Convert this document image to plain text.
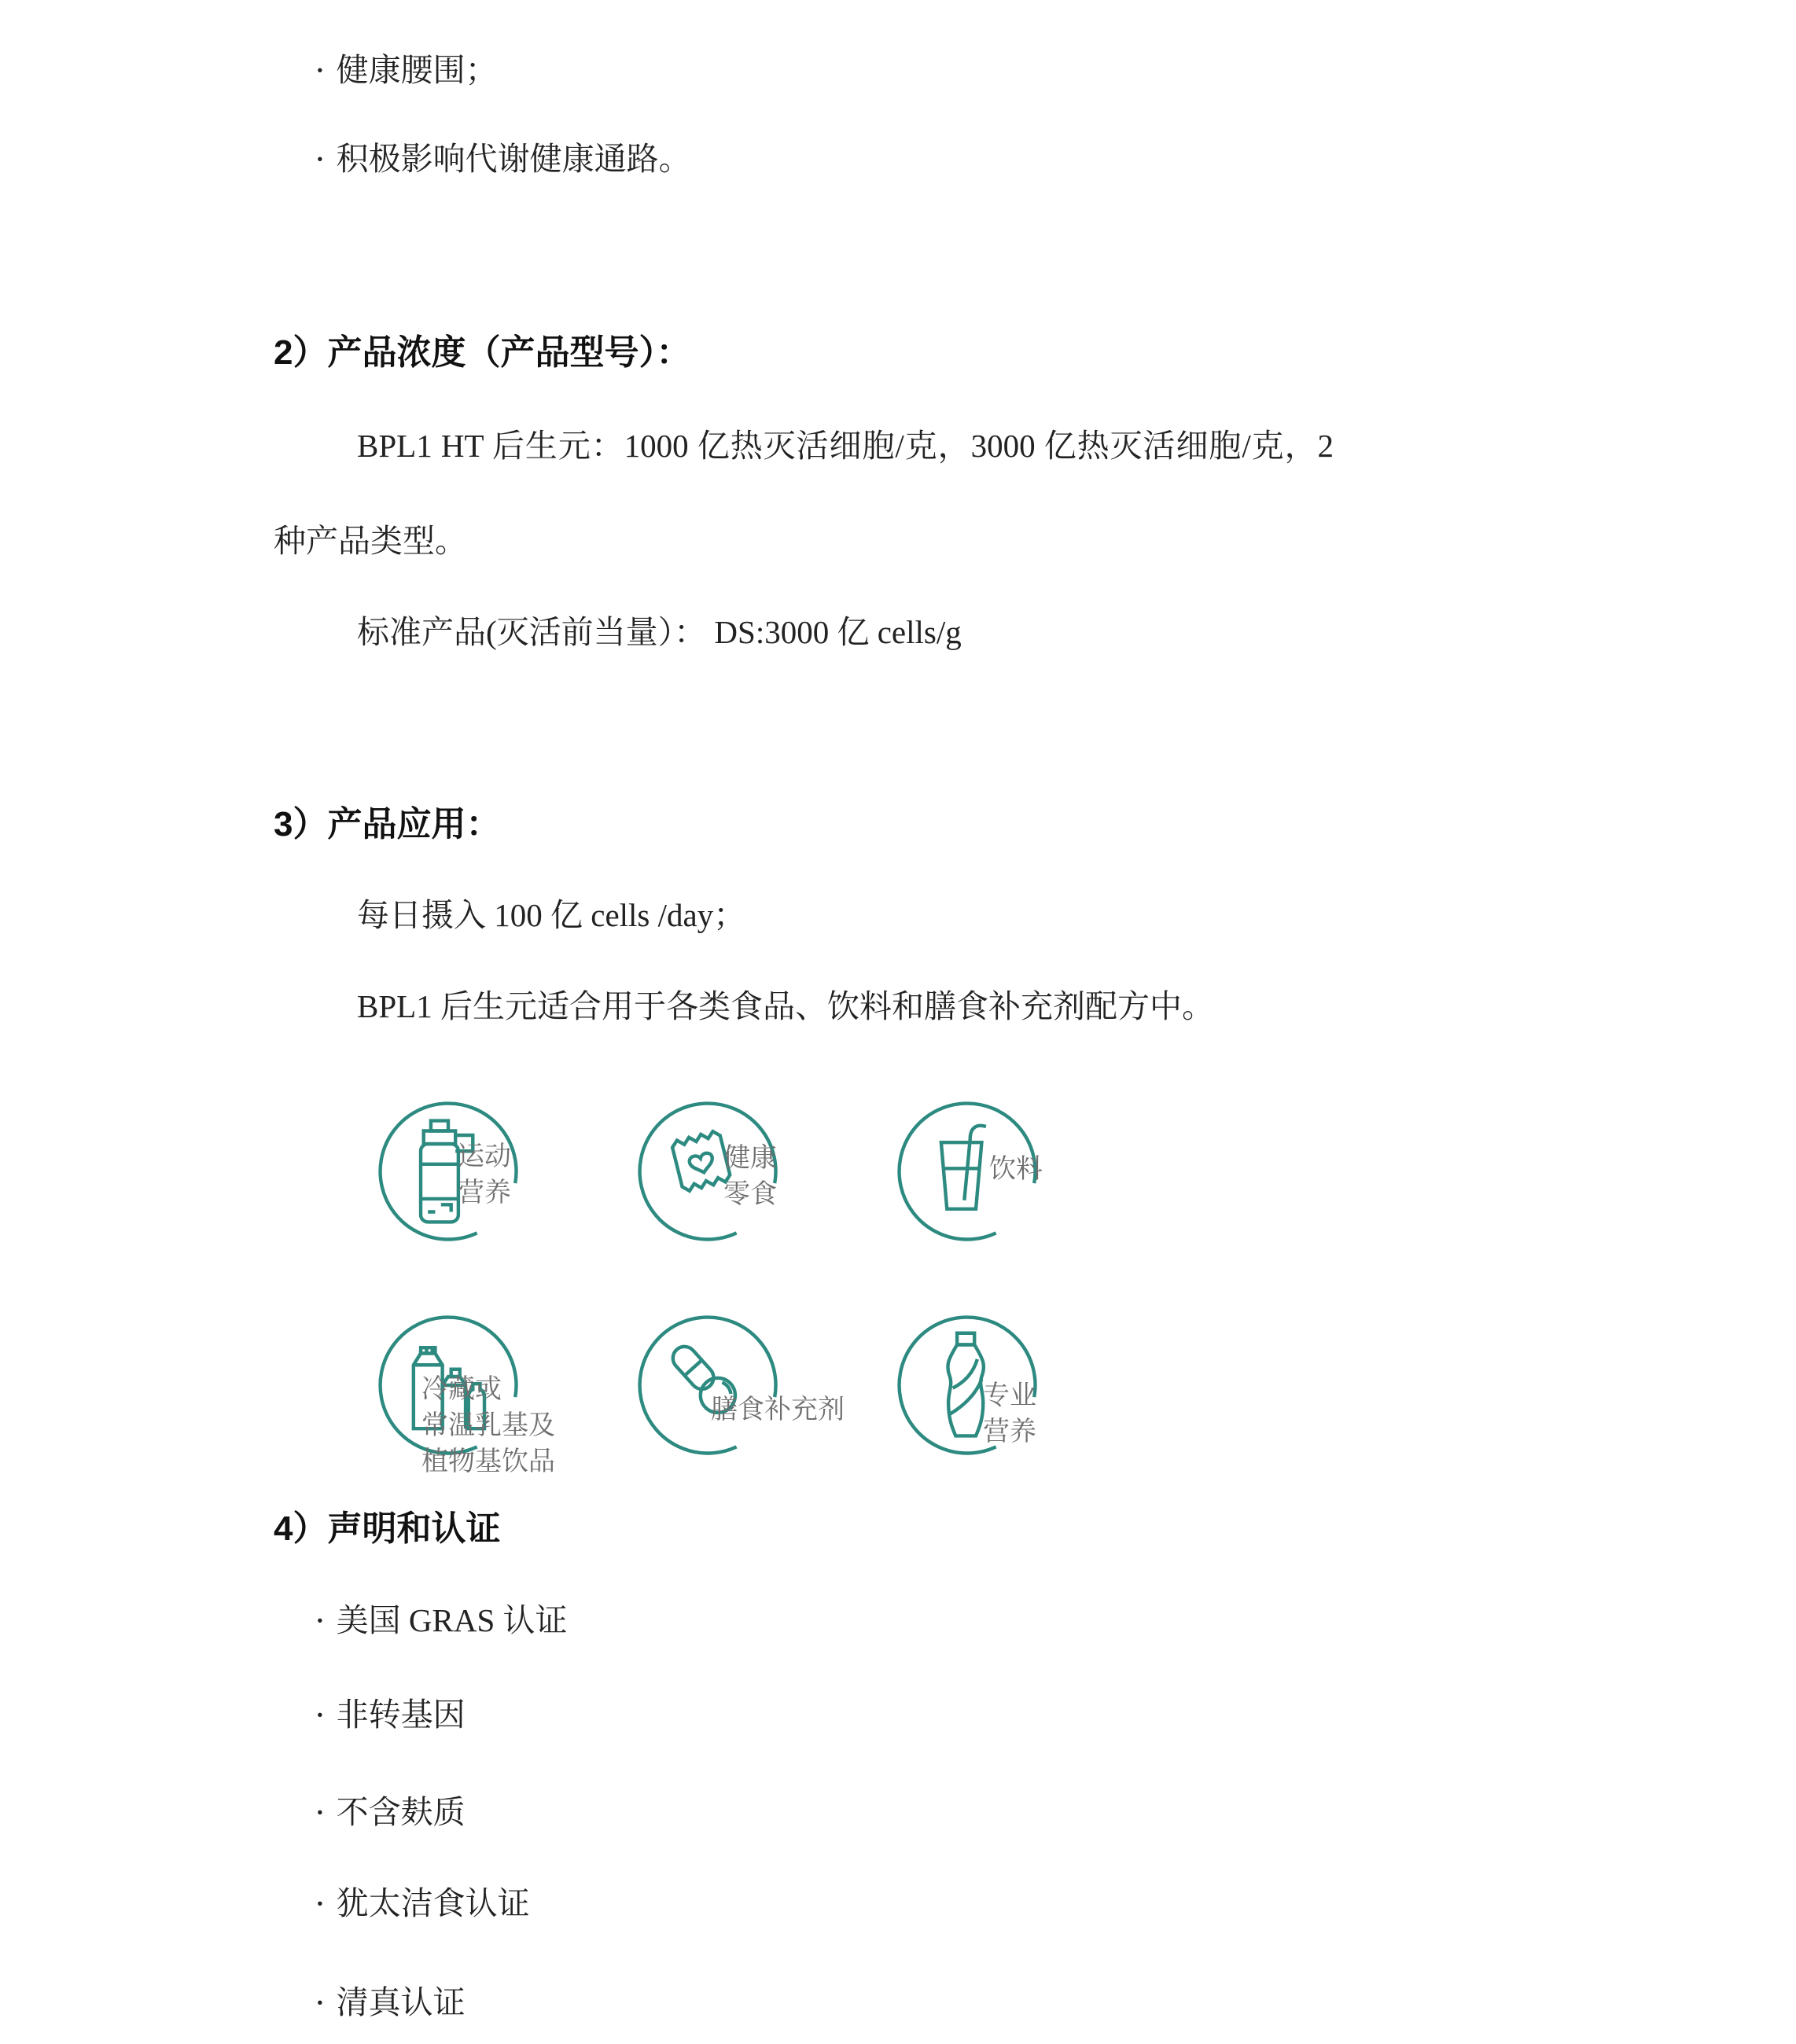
· 健康腰围；
· 积极影响代谢健康通路。
2）产品浓度（产品型号）：
BPL1 HT 后生元：1000 亿热灭活细胞/克，3000 亿热灭活细胞/克，2 种产品类型。
标准产品(灭活前当量）： DS:3000 亿 cells/g
3）产品应用：
每日摄入 100 亿 cells /day；
BPL1 后生元适合用于各类食品、饮料和膳食补充剂配方中。
运动
营养
健康
零食
饮料
冷藏或
常温乳基及
植物基饮品
膳食补充剂	专业
营养
4）声明和认证
· 美国 GRAS 认证
· 非转基因
· 不含麸质
· 犹太洁食认证
· 清真认证
